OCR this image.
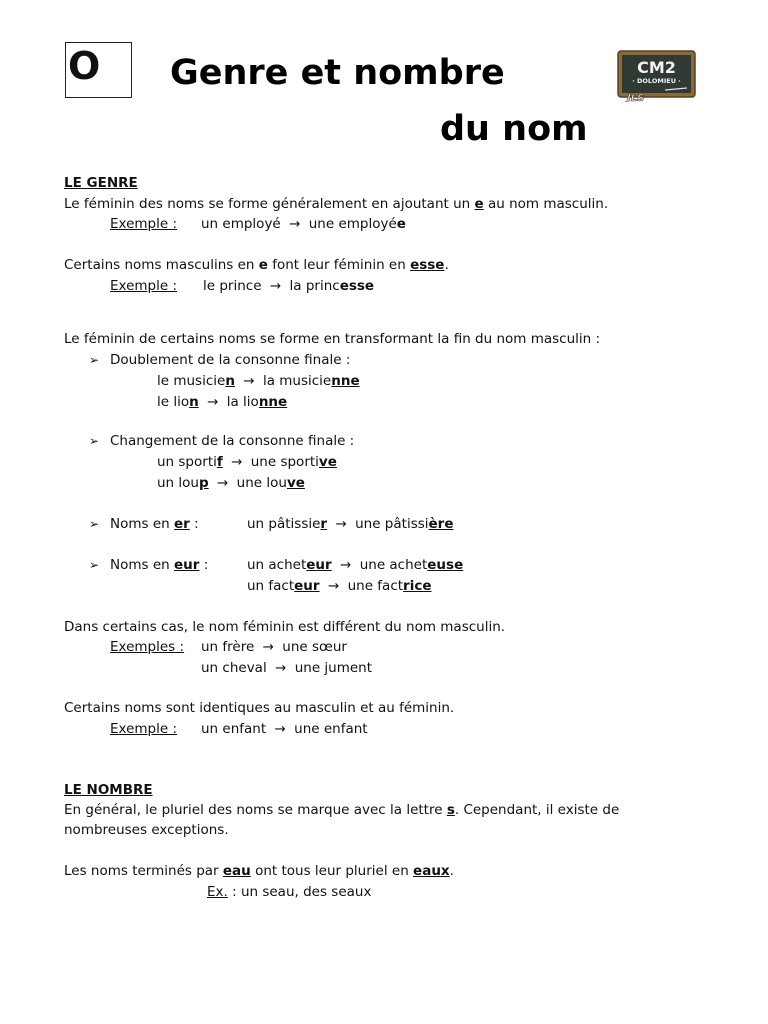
O Genre et nombre
du nom
CM2
· DOLOMIEU ·
JLS
LE GENRE
Le féminin des noms se forme généralement en ajoutant un e au nom masculin.
Exemple : un employé → une employée
Certains noms masculins en e font leur féminin en esse.
Exemple : le prince → la princesse
Le féminin de certains noms se forme en transformant la fin du nom masculin :
➢ Doublement de la consonne finale :
le musicien → la musicienne
le lion → la lionne
➢ Changement de la consonne finale :
un sportif → une sportive
un loup → une louve
➢ Noms en er :	un pâtissier → une pâtissière
➢ Noms en eur :	un acheteur → une acheteuse
un facteur → une factrice
Dans certains cas, le nom féminin est différent du nom masculin.
Exemples : un frère → une sœur
un cheval → une jument
Certains noms sont identiques au masculin et au féminin.
Exemple : un enfant → une enfant
LE NOMBRE
En général, le pluriel des noms se marque avec la lettre s. Cependant, il existe de
nombreuses exceptions.
Les noms terminés par eau ont tous leur pluriel en eaux.
Ex. : un seau, des seaux
